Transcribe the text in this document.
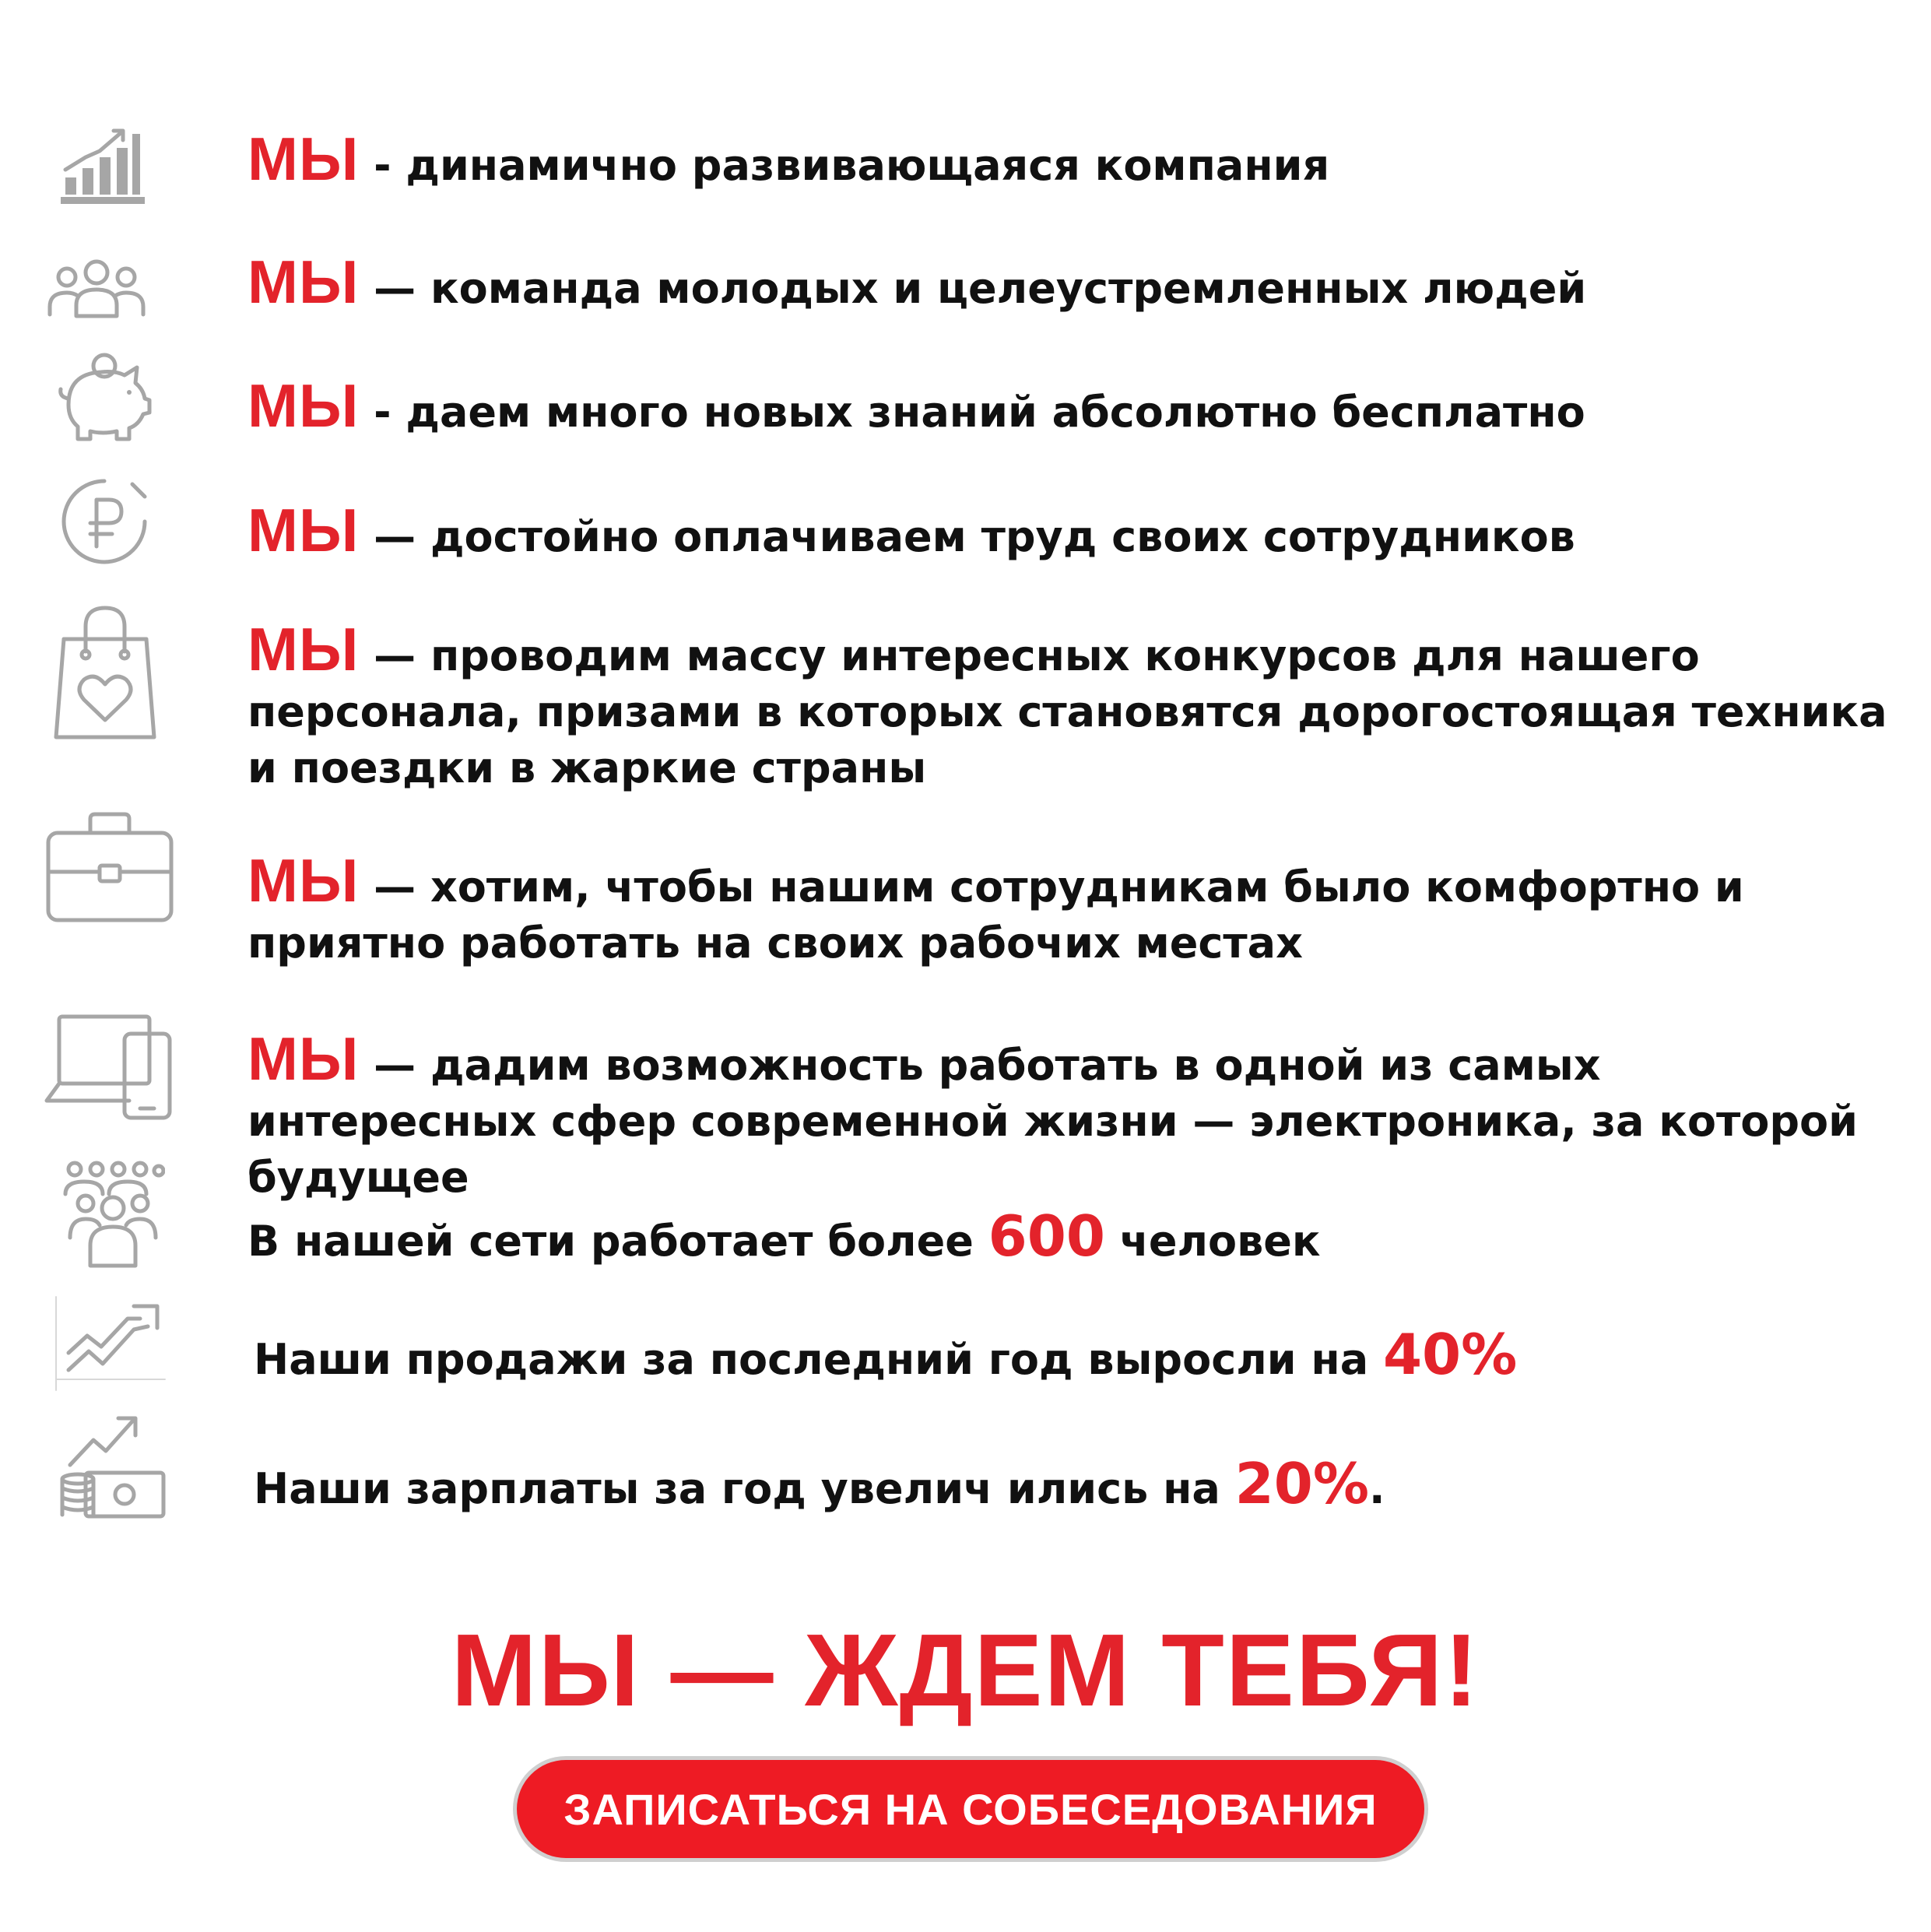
МЫ - динамично развивающаяся компания
МЫ — команда молодых и целеустремленных людей
МЫ - даем много новых знаний абсолютно бесплатно
МЫ — достойно оплачиваем труд своих сотрудников
МЫ — проводим массу интересных конкурсов для нашего персонала, призами в которых становятся дорогостоящая техника и поездки в жаркие страны
МЫ — хотим, чтобы нашим сотрудникам было комфортно и приятно работать на своих рабочих местах
МЫ — дадим возможность работать в одной из самых интересных сфер современной жизни — электроника, за которой будущее
В нашей сети работает более 600 человек
Наши продажи за последний год выросли на 40%
Наши зарплаты за год увелич ились на 20%.
МЫ — ЖДЕМ ТЕБЯ!
ЗАПИСАТЬСЯ НА СОБЕСЕДОВАНИЯ
